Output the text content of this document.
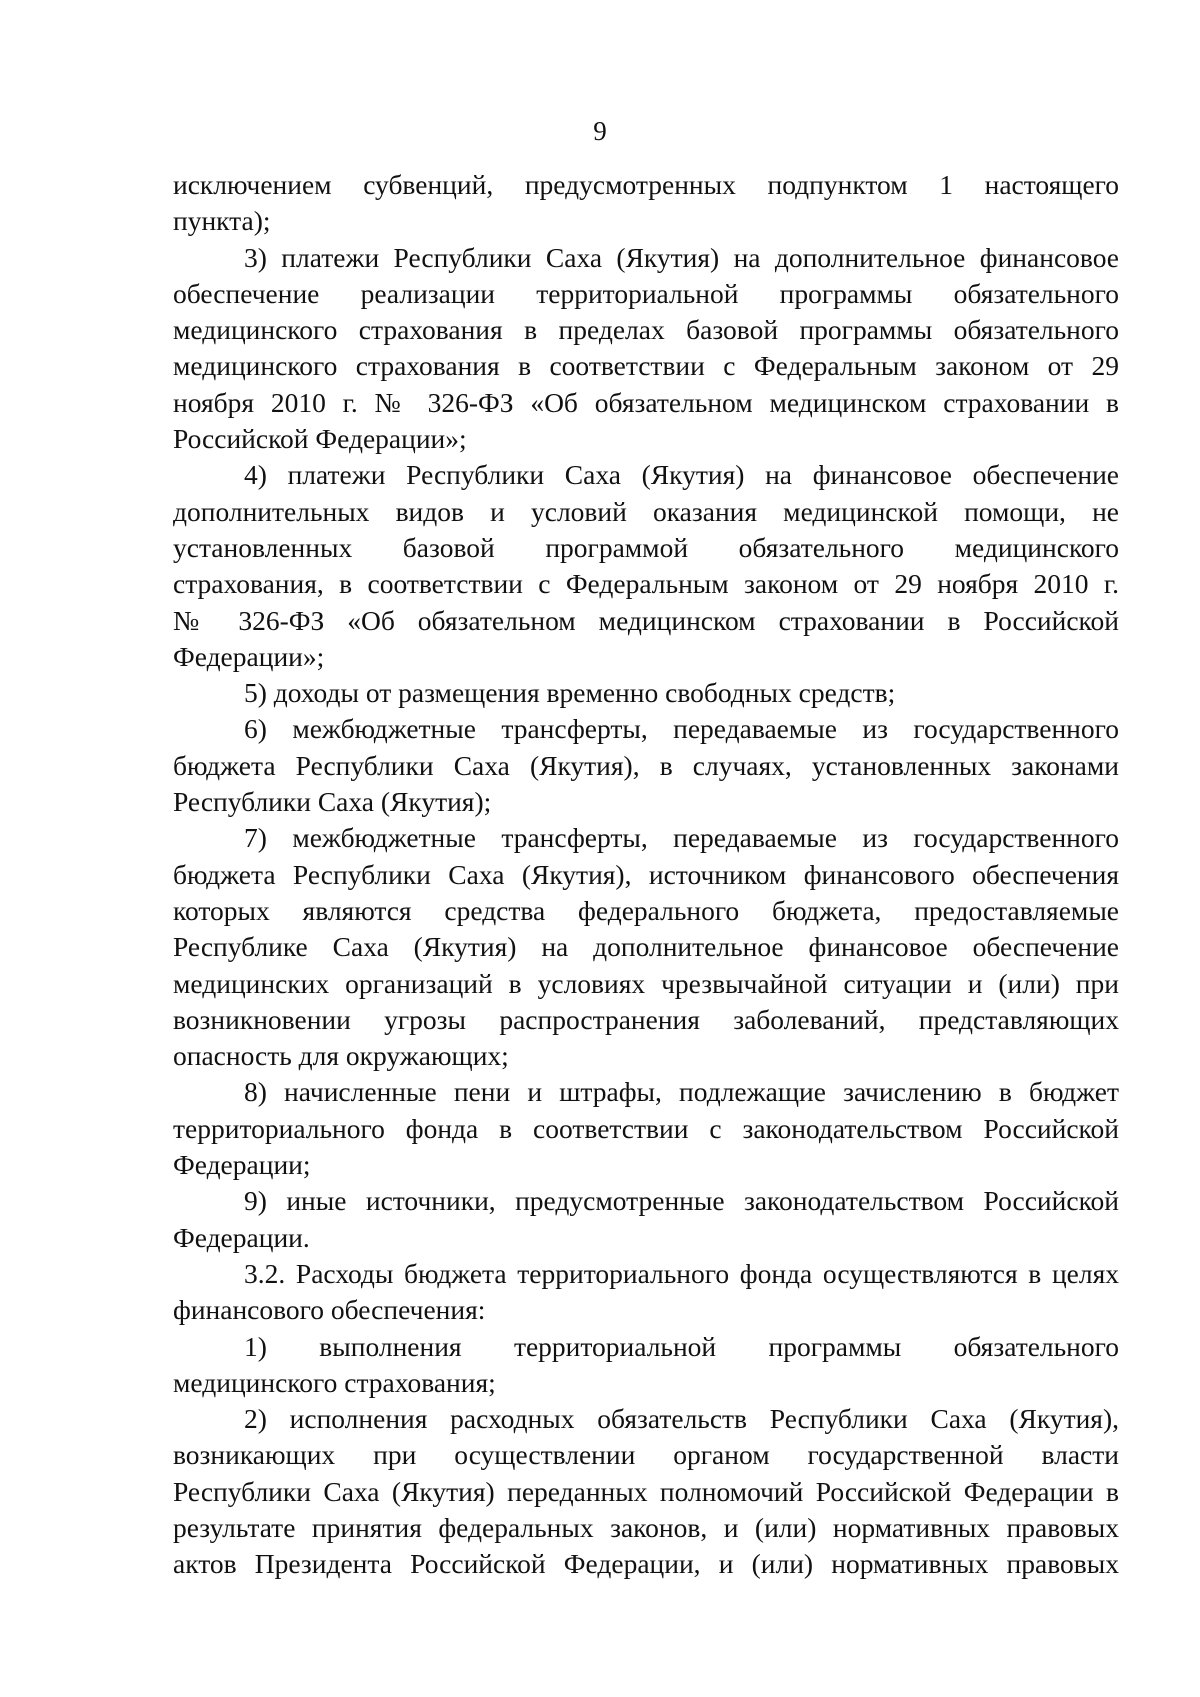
9
исключением субвенций, предусмотренных подпунктом 1 настоящего
пункта);
3) платежи Республики Саха (Якутия) на дополнительное финансовое
обеспечение реализации территориальной программы обязательного
медицинского страхования в пределах базовой программы обязательного
медицинского страхования в соответствии с Федеральным законом от 29
ноября 2010 г. № 326-ФЗ «Об обязательном медицинском страховании в
Российской Федерации»;
4) платежи Республики Саха (Якутия) на финансовое обеспечение
дополнительных видов и условий оказания медицинской помощи, не
установленных базовой программой обязательного медицинского
страхования, в соответствии с Федеральным законом от 29 ноября 2010 г.
№ 326-ФЗ «Об обязательном медицинском страховании в Российской
Федерации»;
5) доходы от размещения временно свободных средств;
6) межбюджетные трансферты, передаваемые из государственного
бюджета Республики Саха (Якутия), в случаях, установленных законами
Республики Саха (Якутия);
7) межбюджетные трансферты, передаваемые из государственного
бюджета Республики Саха (Якутия), источником финансового обеспечения
которых являются средства федерального бюджета, предоставляемые
Республике Саха (Якутия) на дополнительное финансовое обеспечение
медицинских организаций в условиях чрезвычайной ситуации и (или) при
возникновении угрозы распространения заболеваний, представляющих
опасность для окружающих;
8) начисленные пени и штрафы, подлежащие зачислению в бюджет
территориального фонда в соответствии с законодательством Российской
Федерации;
9) иные источники, предусмотренные законодательством Российской
Федерации.
3.2. Расходы бюджета территориального фонда осуществляются в целях
финансового обеспечения:
1) выполнения территориальной программы обязательного
медицинского страхования;
2) исполнения расходных обязательств Республики Саха (Якутия),
возникающих при осуществлении органом государственной власти
Республики Саха (Якутия) переданных полномочий Российской Федерации в
результате принятия федеральных законов, и (или) нормативных правовых
актов Президента Российской Федерации, и (или) нормативных правовых
